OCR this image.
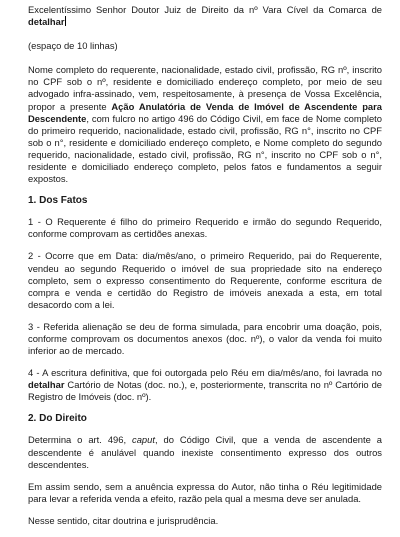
Excelentíssimo Senhor Doutor Juiz de Direito da nº Vara Cível da Comarca de detalhar

(espaço de 10 linhas)

Nome completo do requerente, nacionalidade, estado civil, profissão, RG nº, inscrito no CPF sob o nº, residente e domiciliado endereço completo, por meio de seu advogado infra-assinado, vem, respeitosamente, à presença de Vossa Excelência, propor a presente Ação Anulatória de Venda de Imóvel de Ascendente para Descendente, com fulcro no artigo 496 do Código Civil, em face de Nome completo do primeiro requerido, nacionalidade, estado civil, profissão, RG n°, inscrito no CPF sob o n°, residente e domiciliado endereço completo, e Nome completo do segundo requerido, nacionalidade, estado civil, profissão, RG n°, inscrito no CPF sob o n°, residente e domiciliado endereço completo, pelos fatos e fundamentos a seguir expostos.

1. Dos Fatos

1 - O Requerente é filho do primeiro Requerido e irmão do segundo Requerido, conforme comprovam as certidões anexas.

2 - Ocorre que em Data: dia/mês/ano, o primeiro Requerido, pai do Requerente, vendeu ao segundo Requerido o imóvel de sua propriedade sito na endereço completo, sem o expresso consentimento do Requerente, conforme escritura de compra e venda e certidão do Registro de imóveis anexada a esta, em total desacordo com a lei.

3 - Referida alienação se deu de forma simulada, para encobrir uma doação, pois, conforme comprovam os documentos anexos (doc. nº), o valor da venda foi muito inferior ao de mercado.

4 - A escritura definitiva, que foi outorgada pelo Réu em dia/mês/ano, foi lavrada no detalhar Cartório de Notas (doc. no.), e, posteriormente, transcrita no nº Cartório de Registro de Imóveis (doc. nº).

2. Do Direito

Determina o art. 496, caput, do Código Civil, que a venda de ascendente a descendente é anulável quando inexiste consentimento expresso dos outros descendentes.

Em assim sendo, sem a anuência expressa do Autor, não tinha o Réu legitimidade para levar a referida venda a efeito, razão pela qual a mesma deve ser anulada.

Nesse sentido, citar doutrina e jurisprudência.
